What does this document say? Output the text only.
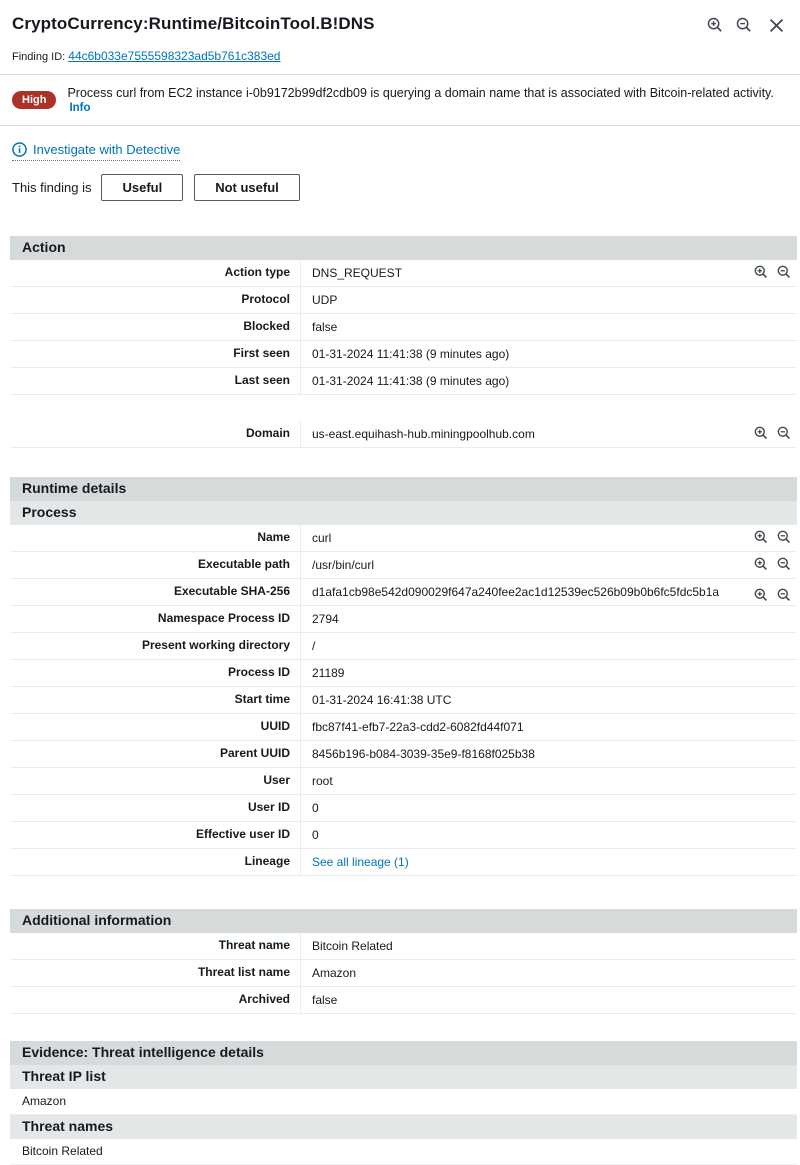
CryptoCurrency:Runtime/BitcoinTool.B!DNS
Finding ID: 44c6b033e7555598323ad5b761c383ed
High	Process curl from EC2 instance i-0b9172b99df2cdb09 is querying a domain name that is associated with Bitcoin-related activity. Info
Investigate with Detective
This finding is	Useful	Not useful
Action
Action type	DNS_REQUEST
Protocol	UDP
Blocked	false
First seen	01-31-2024 11:41:38 (9 minutes ago)
Last seen	01-31-2024 11:41:38 (9 minutes ago)
Domain	us-east.equihash-hub.miningpoolhub.com
Runtime details
Process
Name	curl
Executable path	/usr/bin/curl
Executable SHA-256	d1afa1cb98e542d090029f647a240fee2ac1d12539ec526b09b0b6fc5fdc5b1a
Namespace Process ID	2794
Present working directory	/
Process ID	21189
Start time	01-31-2024 16:41:38 UTC
UUID	fbc87f41-efb7-22a3-cdd2-6082fd44f071
Parent UUID	8456b196-b084-3039-35e9-f8168f025b38
User	root
User ID	0
Effective user ID	0
Lineage	See all lineage (1)
Additional information
Threat name	Bitcoin Related
Threat list name	Amazon
Archived	false
Evidence: Threat intelligence details
Threat IP list
Amazon
Threat names
Bitcoin Related
